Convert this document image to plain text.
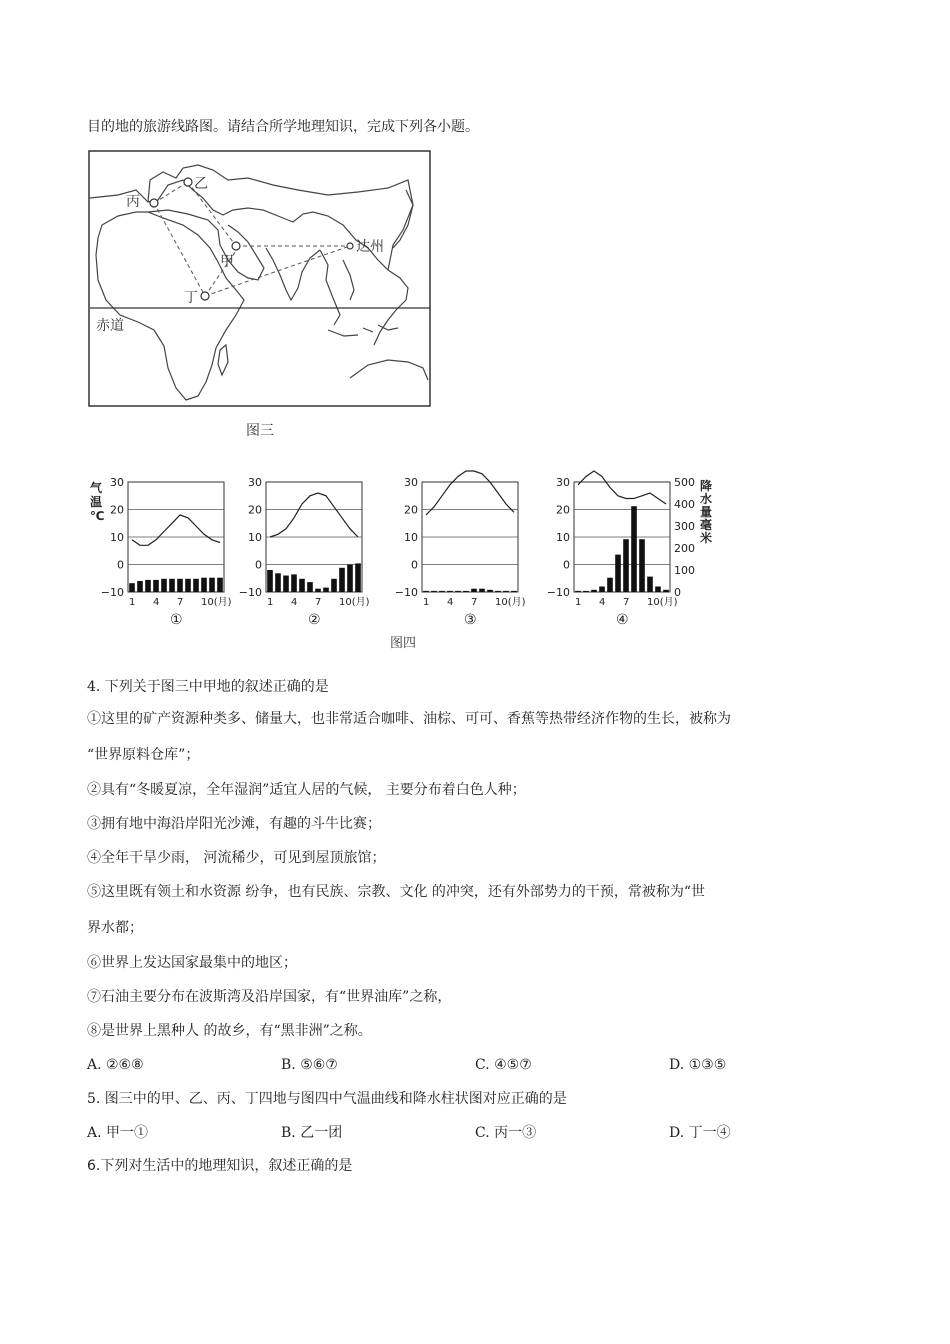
目的地的旅游线路图。请结合所学地理知识，完成下列各小题。
丙
乙
甲
丁
达州
赤道
图三
30
20
10
0
−10
1 4 7 10(月)
①
30
20
10
0
−10
1 4 7 10(月)
②
30
20
10
0
−10
1 4 7 10(月)
③
30
20
10
0
−10
1 4 7 10(月)
④
气
温
℃
500
400
300
200
100
0
降
水
量
毫
米
图四
4. 下列关于图三中甲地的叙述正确的是
①这里的矿产资源种类多、储量大，也非常适合咖啡、油棕、可可、香蕉等热带经济作物的生长，被称为
“世界原料仓库”；
②具有“冬暖夏凉，全年湿润”适宜人居的气候， 主要分布着白色人种；
③拥有地中海沿岸阳光沙滩，有趣的斗牛比赛；
④全年干旱少雨， 河流稀少，可见到屋顶旅馆；
⑤这里既有领土和水资源 纷争，也有民族、宗教、文化 的冲突，还有外部势力的干预，常被称为“世
界水都；
⑥世界上发达国家最集中的地区；
⑦石油主要分布在波斯湾及沿岸国家，有“世界油库”之称，
⑧是世界上黑种人 的故乡，有“黑非洲”之称。
A. ②⑥⑧	B. ⑤⑥⑦	C. ④⑤⑦	D. ①③⑤
5. 图三中的甲、乙、丙、丁四地与图四中气温曲线和降水柱状图对应正确的是
A. 甲一①	B. 乙一团	C. 丙一③	D. 丁一④
6.下列对生活中的地理知识，叙述正确的是
